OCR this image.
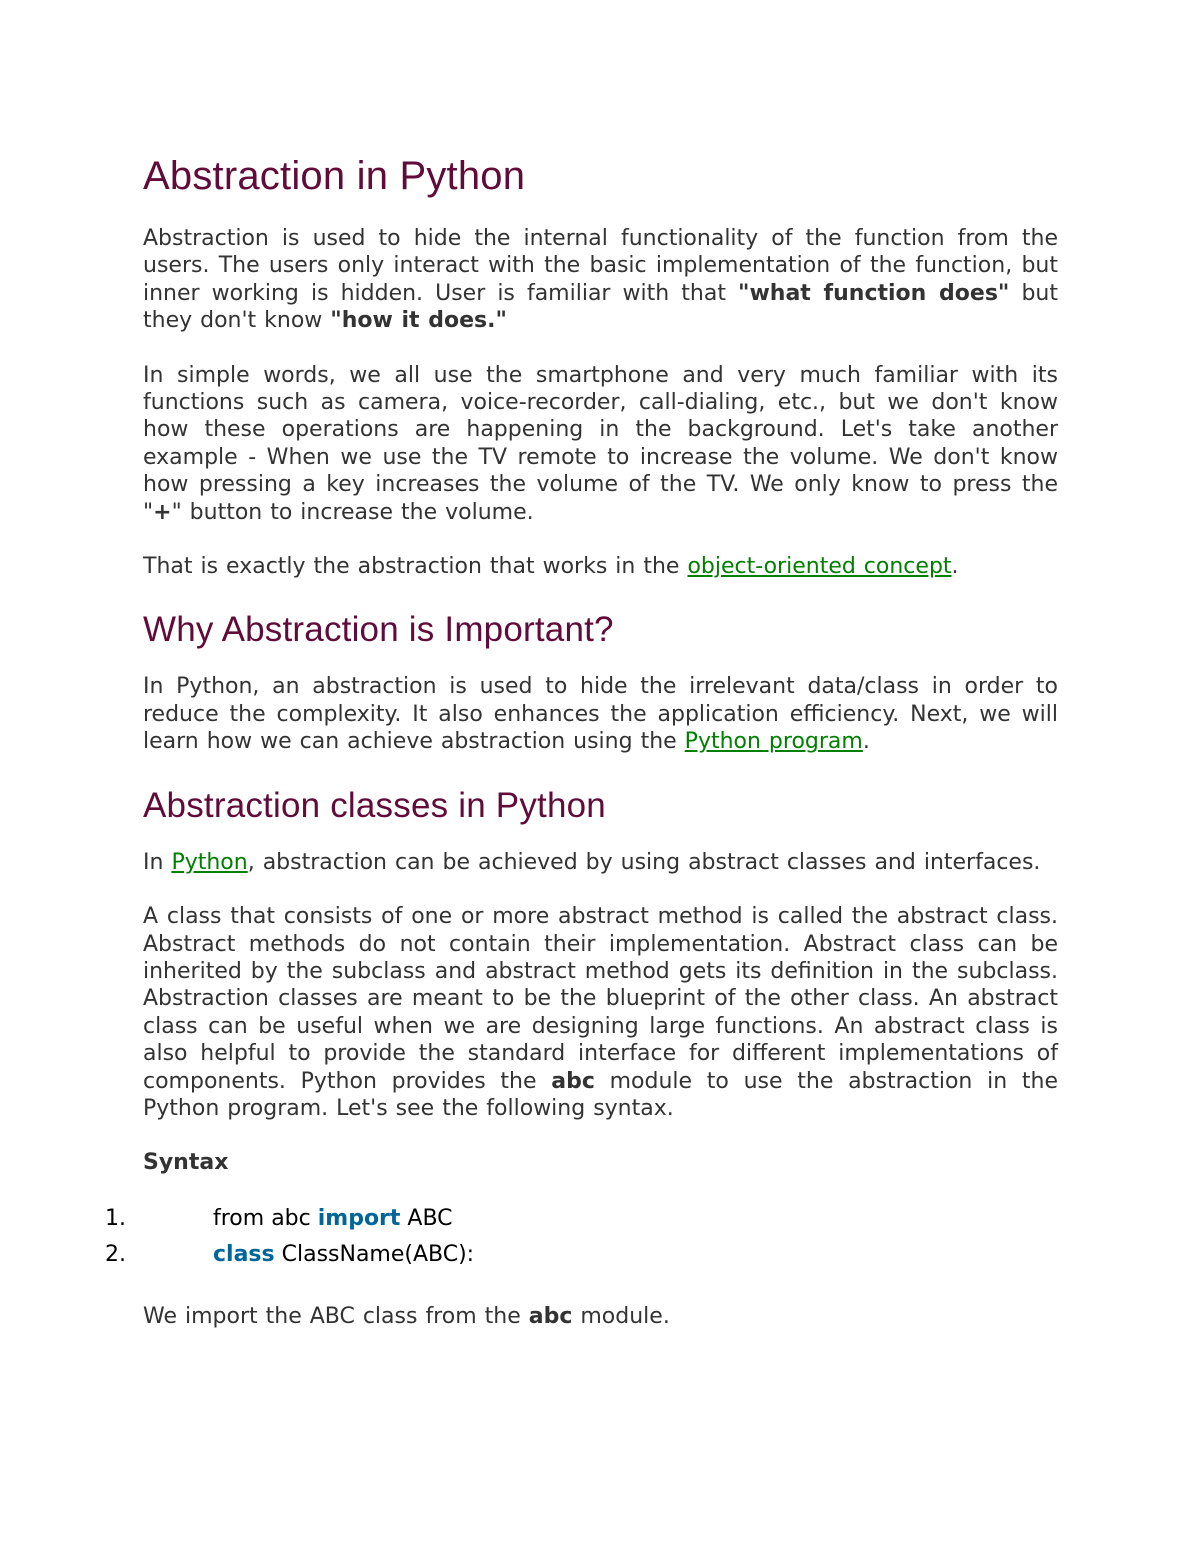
Abstraction in Python

Abstraction is used to hide the internal functionality of the function from the users. The users only interact with the basic implementation of the function, but inner working is hidden. User is familiar with that "what function does" but they don't know "how it does."

In simple words, we all use the smartphone and very much familiar with its functions such as camera, voice-recorder, call-dialing, etc., but we don't know how these operations are happening in the background. Let's take another example - When we use the TV remote to increase the volume. We don't know how pressing a key increases the volume of the TV. We only know to press the "+" button to increase the volume.

That is exactly the abstraction that works in the object-oriented concept.

Why Abstraction is Important?

In Python, an abstraction is used to hide the irrelevant data/class in order to reduce the complexity. It also enhances the application efficiency. Next, we will learn how we can achieve abstraction using the Python program.

Abstraction classes in Python

In Python, abstraction can be achieved by using abstract classes and interfaces.

A class that consists of one or more abstract method is called the abstract class. Abstract methods do not contain their implementation. Abstract class can be inherited by the subclass and abstract method gets its definition in the subclass. Abstraction classes are meant to be the blueprint of the other class. An abstract class can be useful when we are designing large functions. An abstract class is also helpful to provide the standard interface for different implementations of components. Python provides the abc module to use the abstraction in the Python program. Let's see the following syntax.

Syntax

1.	from abc import ABC
2.	class ClassName(ABC):

We import the ABC class from the abc module.
